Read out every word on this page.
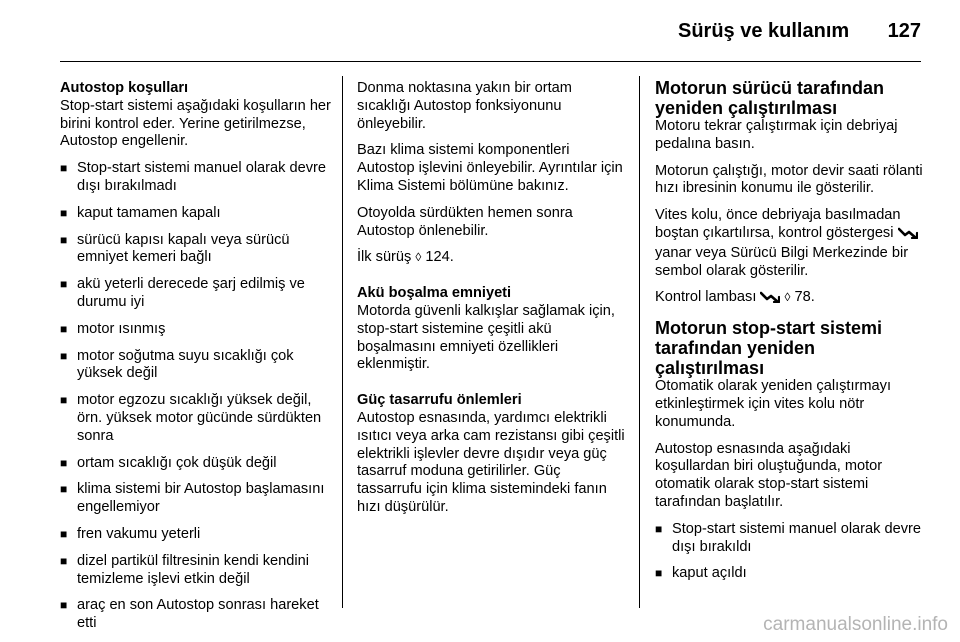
Sürüş ve kullanım 127
Autostop koşulları

Stop-start sistemi aşağıdaki koşulların her birini kontrol eder. Yerine getirilmezse, Autostop engellenir.

■ Stop-start sistemi manuel olarak devre dışı bırakılmadı
■ kaput tamamen kapalı
■ sürücü kapısı kapalı veya sürücü emniyet kemeri bağlı
■ akü yeterli derecede şarj edilmiş ve durumu iyi
■ motor ısınmış
■ motor soğutma suyu sıcaklığı çok yüksek değil
■ motor egzozu sıcaklığı yüksek değil, örn. yüksek motor gücünde sürdükten sonra
■ ortam sıcaklığı çok düşük değil
■ klima sistemi bir Autostop başlamasını engellemiyor
■ fren vakumu yeterli
■ dizel partikül filtresinin kendi kendini temizleme işlevi etkin değil
■ araç en son Autostop sonrası hareket etti

Donma noktasına yakın bir ortam sıcaklığı Autostop fonksiyonunu önleyebilir.

Bazı klima sistemi komponentleri Autostop işlevini önleyebilir. Ayrıntılar için Klima Sistemi bölümüne bakınız.

Otoyolda sürdükten hemen sonra Autostop önlenebilir.

İlk sürüş ◊ 124.

Akü boşalma emniyeti

Motorda güvenli kalkışlar sağlamak için, stop-start sistemine çeşitli akü boşalmasını emniyeti özellikleri eklenmiştir.

Güç tasarrufu önlemleri

Autostop esnasında, yardımcı elektrikli ısıtıcı veya arka cam rezistansı gibi çeşitli elektrikli işlevler devre dışıdır veya güç tasarruf moduna getirilirler. Güç tassarrufu için klima sistemindeki fanın hızı düşürülür.

Motorun sürücü tarafından yeniden çalıştırılması

Motoru tekrar çalıştırmak için debriyaj pedalına basın.

Motorun çalıştığı, motor devir saati rölanti hızı ibresinin konumu ile gösterilir.

Vites kolu, önce debriyaja basılmadan boştan çıkartılırsa, kontrol göstergesi  yanar veya Sürücü Bilgi Merkezinde bir sembol olarak gösterilir.

Kontrol lambası ◊ 78.

Motorun stop-start sistemi tarafından yeniden çalıştırılması

Otomatik olarak yeniden çalıştırmayı etkinleştirmek için vites kolu nötr konumunda.

Autostop esnasında aşağıdaki koşullardan biri oluştuğunda, motor otomatik olarak stop-start sistemi tarafından başlatılır.

■ Stop-start sistemi manuel olarak devre dışı bırakıldı
■ kaput açıldı
carmanualsonline.info
